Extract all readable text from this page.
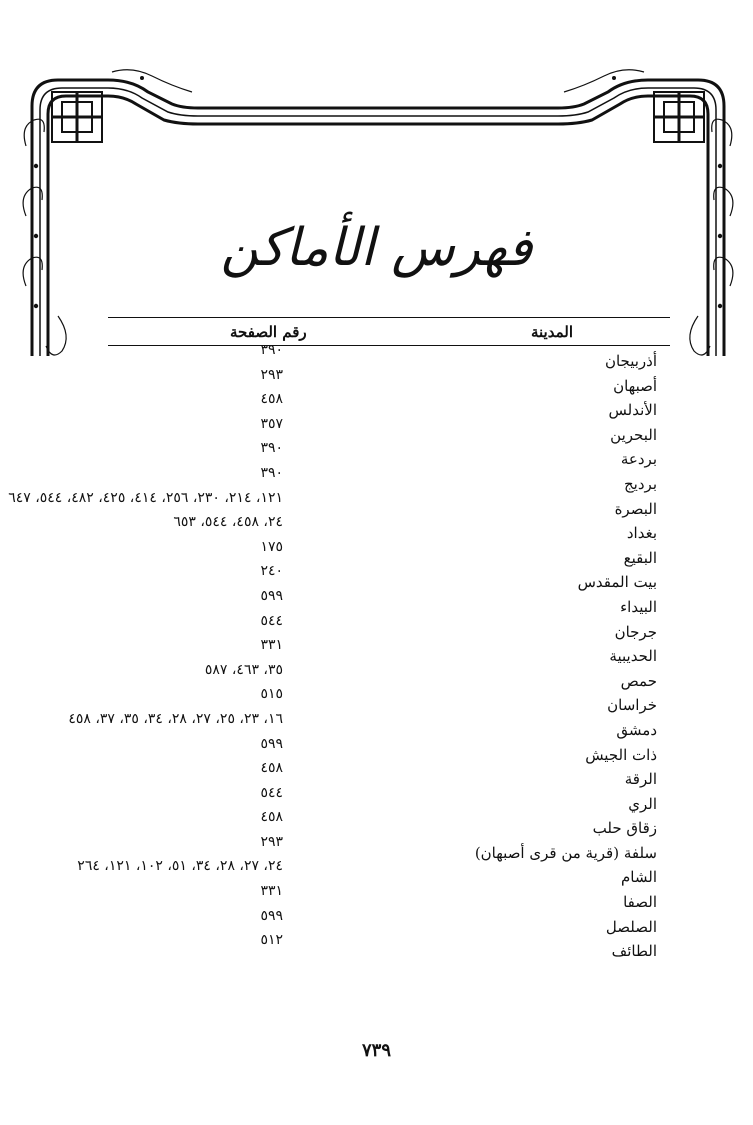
فهرس الأماكن
المدينة
رقم الصفحة
أذربيجان
٣٩٠
أصبهان
٢٩٣
الأندلس
٤٥٨
البحرين
٣٥٧
بردعة
٣٩٠
برديج
٣٩٠
البصرة
١٢١، ٢١٤، ٢٣٠، ٢٥٦، ٤١٤، ٤٢٥، ٤٨٢، ٥٤٤، ٦٤٧
بغداد
٢٤، ٤٥٨، ٥٤٤، ٦٥٣
البقيع
١٧٥
بيت المقدس
٢٤٠
البيداء
٥٩٩
جرجان
٥٤٤
الحديبية
٣٣١
حمص
٣٥، ٤٦٣، ٥٨٧
خراسان
٥١٥
دمشق
١٦، ٢٣، ٢٥، ٢٧، ٢٨، ٣٤، ٣٥، ٣٧، ٤٥٨
ذات الجيش
٥٩٩
الرقة
٤٥٨
الري
٥٤٤
زقاق حلب
٤٥٨
سلفة (قرية من قرى أصبهان)
٢٩٣
الشام
٢٤، ٢٧، ٢٨، ٣٤، ٥١، ١٠٢، ١٢١، ٢٦٤
الصفا
٣٣١
الصلصل
٥٩٩
الطائف
٥١٢
٧٣٩
